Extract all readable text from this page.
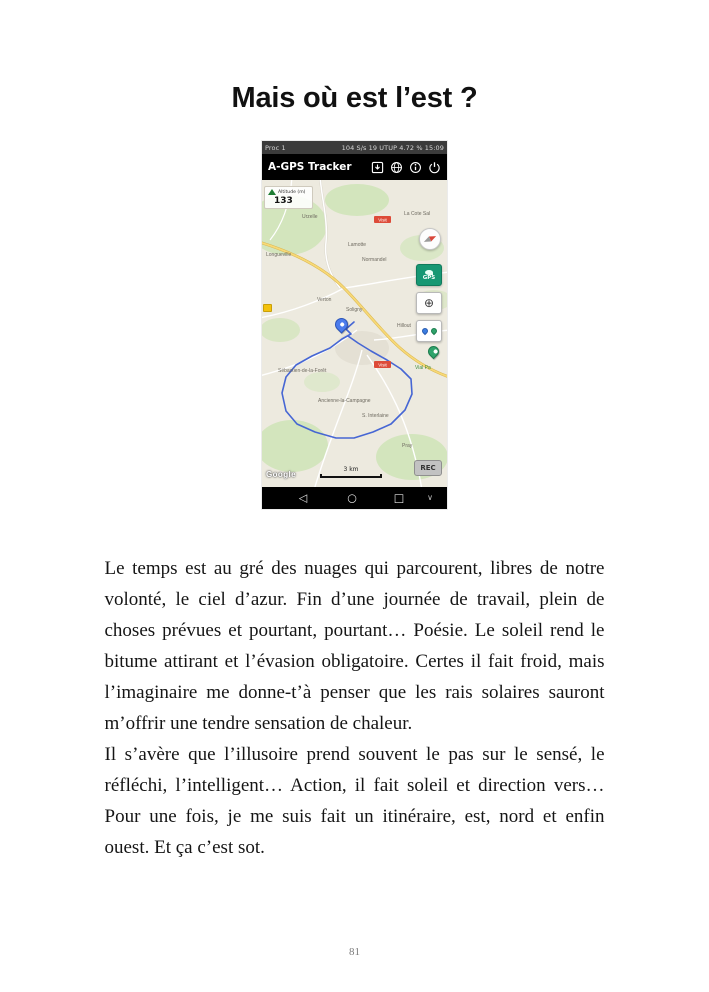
Mais où est l’est ?
Proc 1	104 S/s 19 UTUP 4.72 % 15:09
A-GPS Tracker
Urzelle	La Cote Sal
Lamotte
Normandel
Longueville
Verton
Soligny
Hillout
Sébastien-de-la-Forêt
Ancienne-la-Campagne
S. Interlaine
Pray
Vial Pa
Visit
Visit
Altitude (m)
133
GPS
⊕
Google
3 km	REC
◁	○	□	∨

Le temps est au gré des nuages qui parcourent, libres de notre volonté, le ciel d’azur. Fin d’une journée de travail, plein de choses prévues et pourtant, pourtant… Poésie. Le soleil rend le bitume attirant et l’évasion obligatoire. Certes il fait froid, mais l’imaginaire me donne-t’à penser que les rais solaires sauront m’offrir une tendre sensation de chaleur.

Il s’avère que l’illusoire prend souvent le pas sur le sensé, le réfléchi, l’intelligent… Action, il fait soleil et direction vers… Pour une fois, je me suis fait un itinéraire, est, nord et enfin ouest. Et ça c’est sot.

81
